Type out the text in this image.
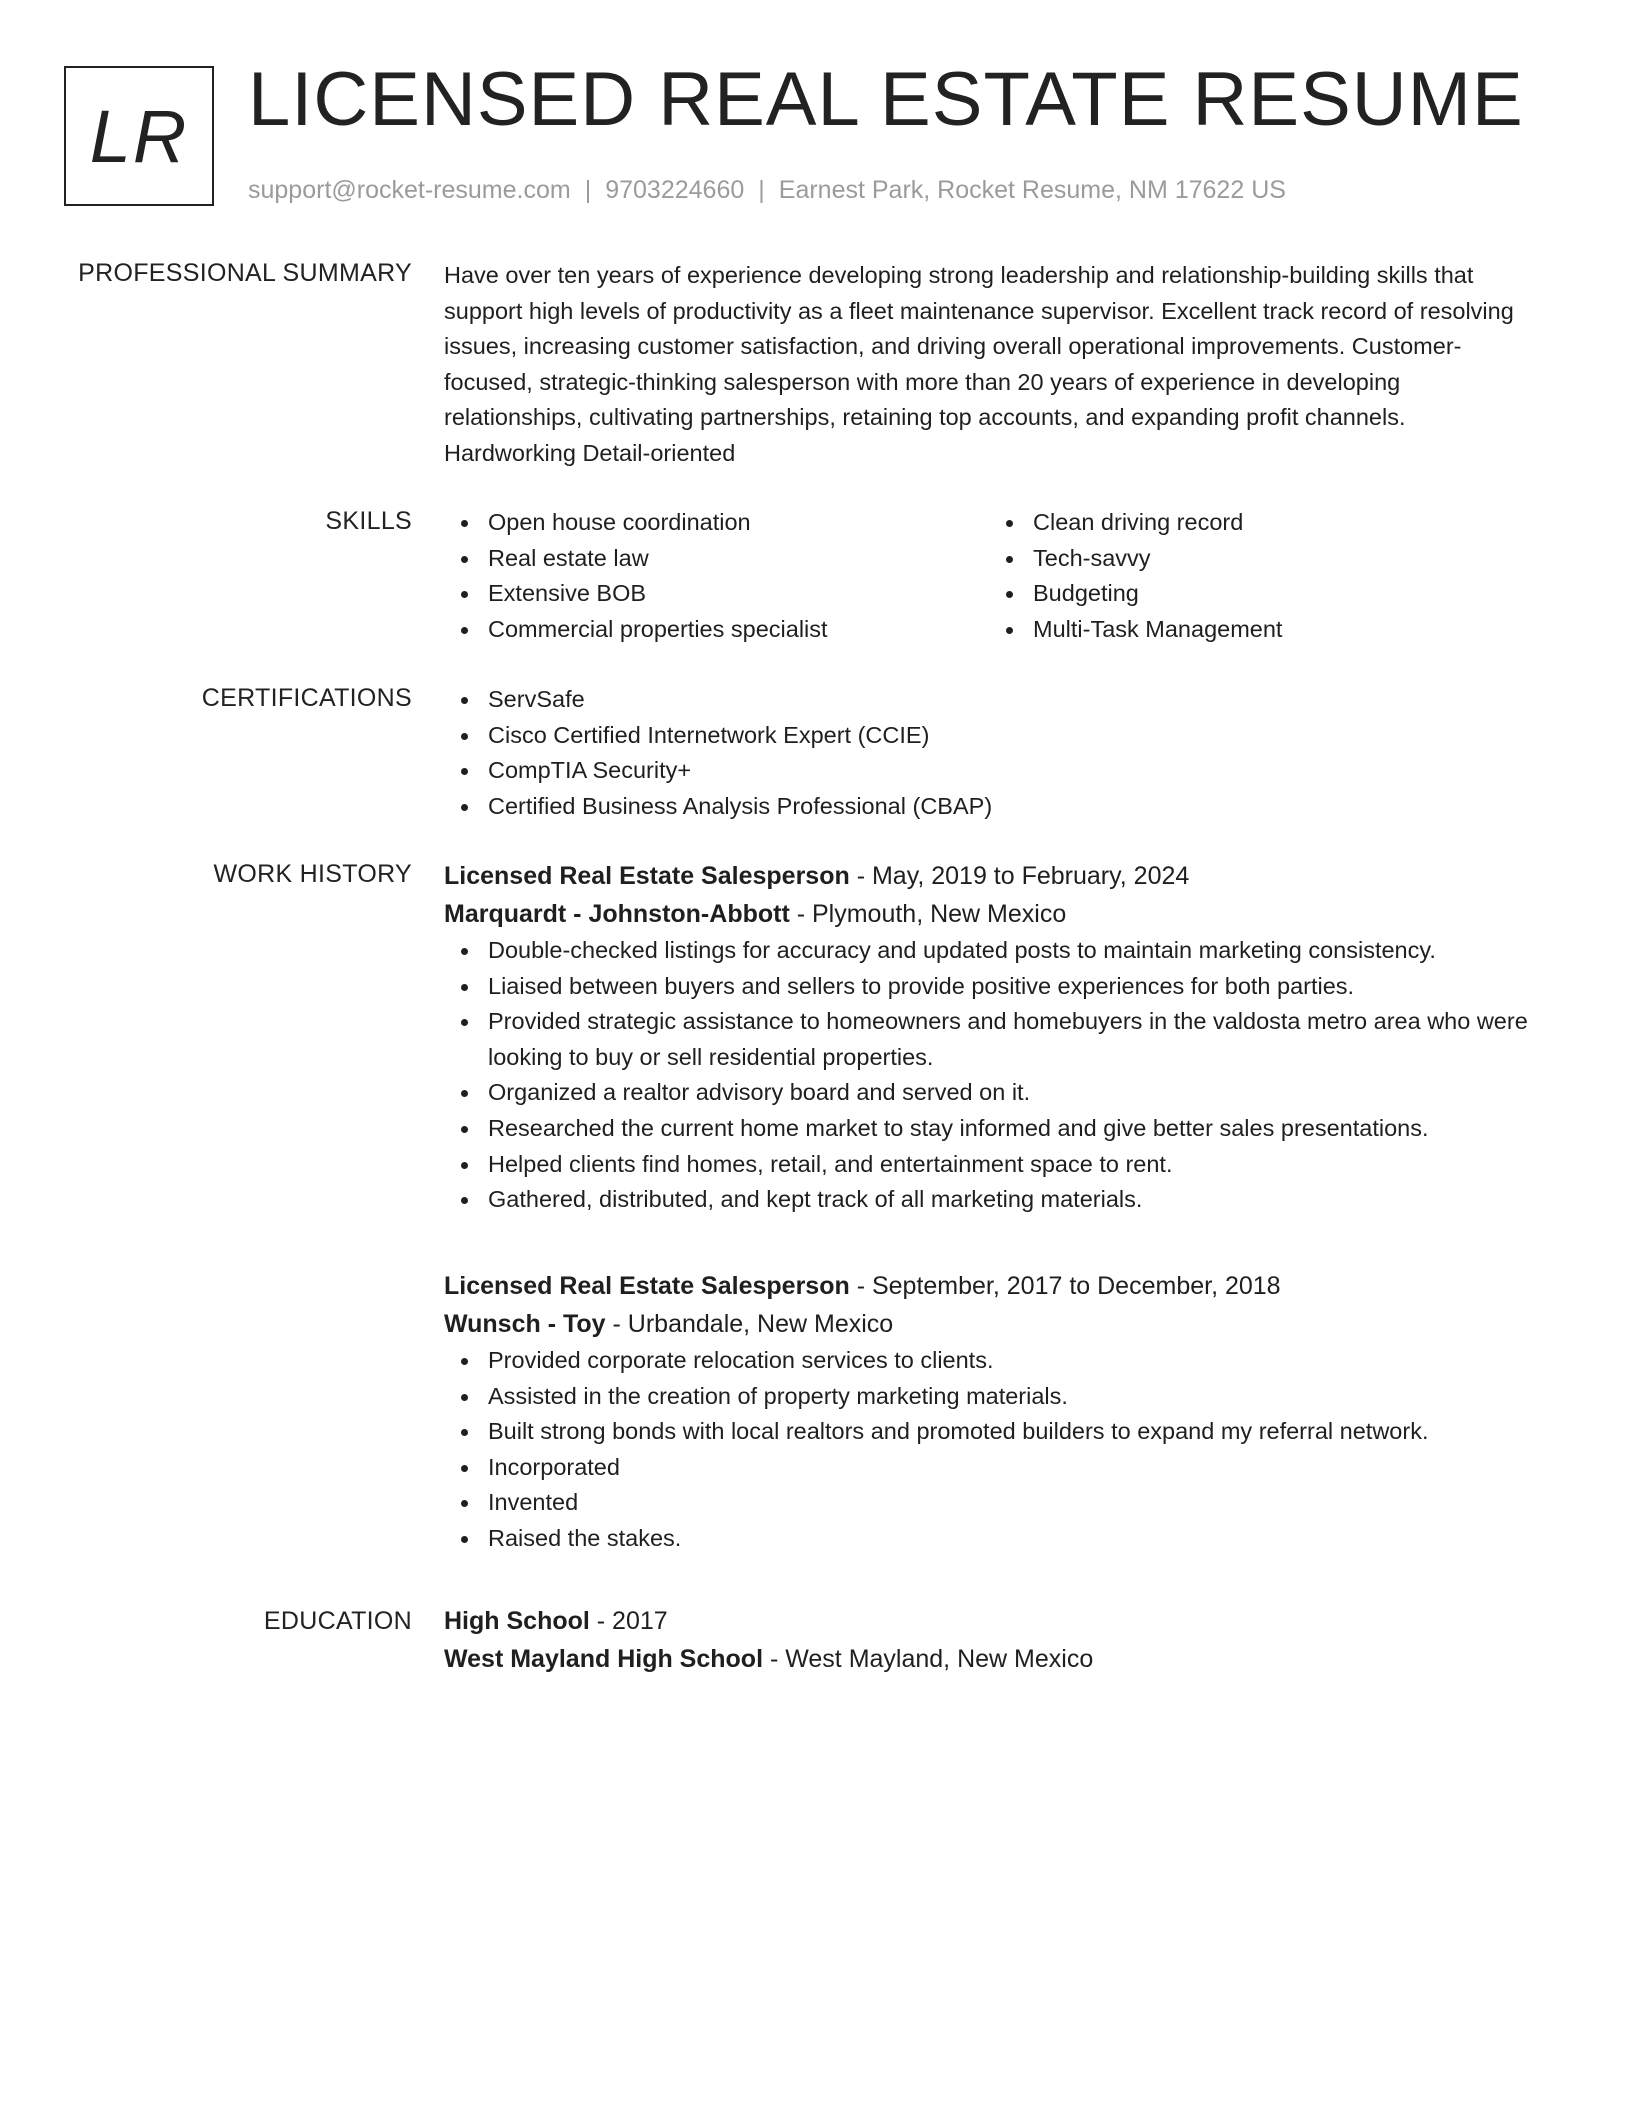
LR LICENSED REAL ESTATE RESUME
support@rocket-resume.com | 9703224660 | Earnest Park, Rocket Resume, NM 17622 US
PROFESSIONAL SUMMARY Have over ten years of experience developing strong leadership and relationship-building skills that support high levels of productivity as a fleet maintenance supervisor. Excellent track record of resolving issues, increasing customer satisfaction, and driving overall operational improvements. Customer-focused, strategic-thinking salesperson with more than 20 years of experience in developing relationships, cultivating partnerships, retaining top accounts, and expanding profit channels. Hardworking Detail-oriented

SKILLS	Open house coordination
Real estate law
Extensive BOB
Commercial properties specialist
Clean driving record
Tech-savvy
Budgeting
Multi-Task Management
CERTIFICATIONS	ServSafe
Cisco Certified Internetwork Expert (CCIE)
CompTIA Security+
Certified Business Analysis Professional (CBAP)
WORK HISTORY Licensed Real Estate Salesperson - May, 2019 to February, 2024
Marquardt - Johnston-Abbott - Plymouth, New Mexico
Double-checked listings for accuracy and updated posts to maintain marketing consistency.
Liaised between buyers and sellers to provide positive experiences for both parties.
Provided strategic assistance to homeowners and homebuyers in the valdosta metro area who were looking to buy or sell residential properties.
Organized a realtor advisory board and served on it.
Researched the current home market to stay informed and give better sales presentations.
Helped clients find homes, retail, and entertainment space to rent.
Gathered, distributed, and kept track of all marketing materials.
Licensed Real Estate Salesperson - September, 2017 to December, 2018
Wunsch - Toy - Urbandale, New Mexico
Provided corporate relocation services to clients.
Assisted in the creation of property marketing materials.
Built strong bonds with local realtors and promoted builders to expand my referral network.
Incorporated
Invented
Raised the stakes.
EDUCATION High School - 2017
West Mayland High School - West Mayland, New Mexico
